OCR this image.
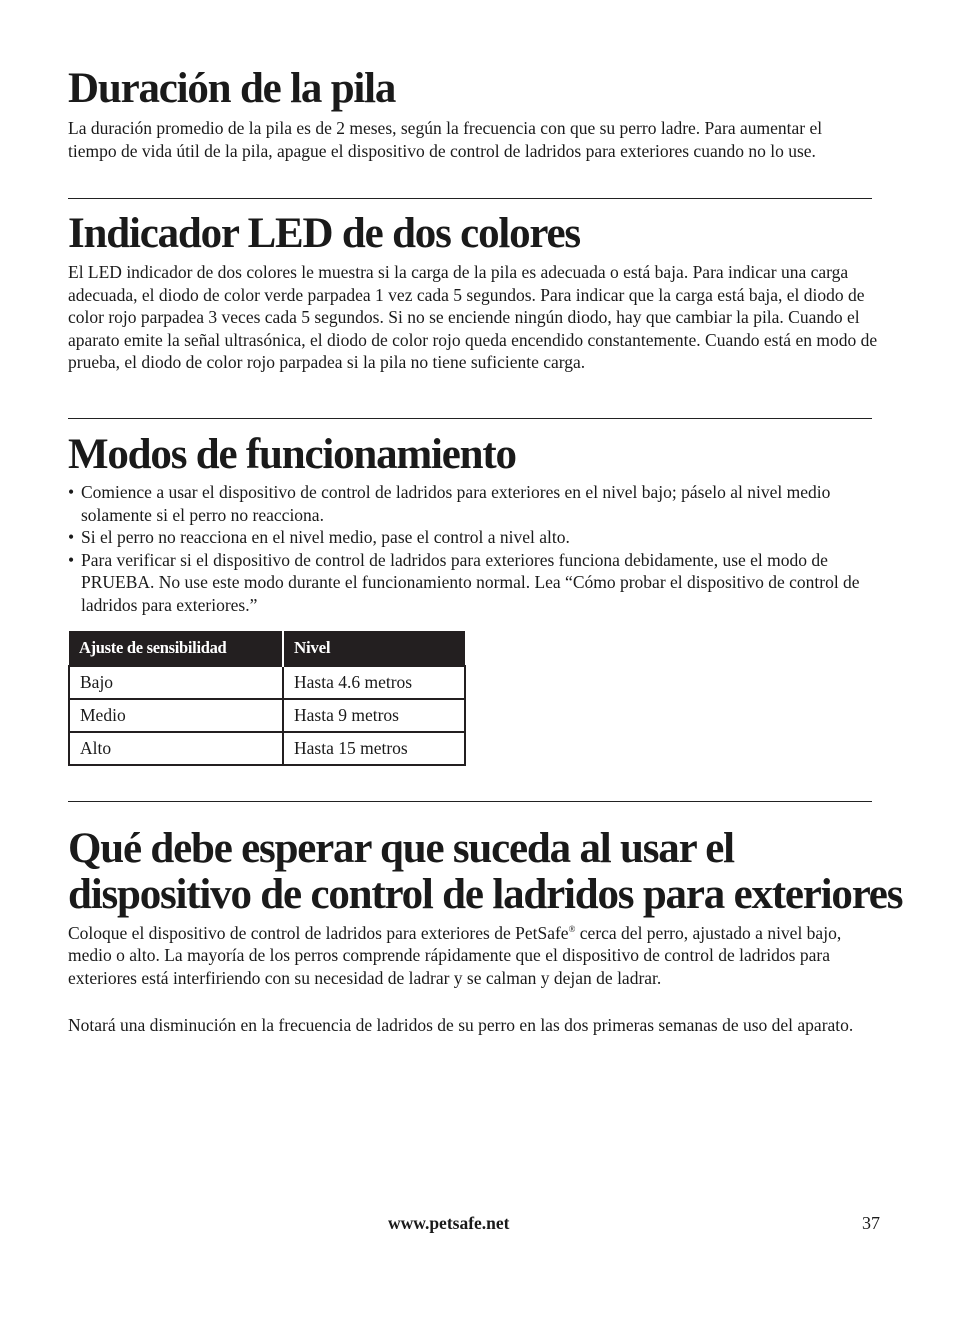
Duración de la pila

La duración promedio de la pila es de 2 meses, según la frecuencia con que su perro ladre. Para aumentar el tiempo de vida útil de la pila, apague el dispositivo de control de ladridos para exteriores cuando no lo use.

Indicador LED de dos colores

El LED indicador de dos colores le muestra si la carga de la pila es adecuada o está baja. Para indicar una carga adecuada, el diodo de color verde parpadea 1 vez cada 5 segundos. Para indicar que la carga está baja, el diodo de color rojo parpadea 3 veces cada 5 segundos. Si no se enciende ningún diodo, hay que cambiar la pila. Cuando el aparato emite la señal ultrasónica, el diodo de color rojo queda encendido constantemente. Cuando está en modo de prueba, el diodo de color rojo parpadea si la pila no tiene suficiente carga.

Modos de funcionamiento
• Comience a usar el dispositivo de control de ladridos para exteriores en el nivel bajo; páselo al nivel medio solamente si el perro no reacciona.
• Si el perro no reacciona en el nivel medio, pase el control a nivel alto.
• Para verificar si el dispositivo de control de ladridos para exteriores funciona debidamente, use el modo de PRUEBA. No use este modo durante el funcionamiento normal. Lea “Cómo probar el dispositivo de control de ladridos para exteriores.”
Ajuste de sensibilidad	Nivel
Bajo	Hasta 4.6 metros
Medio	Hasta 9 metros
Alto	Hasta 15 metros
Qué debe esperar que suceda al usar el
dispositivo de control de ladridos para exteriores

Coloque el dispositivo de control de ladridos para exteriores de PetSafe® cerca del perro, ajustado a nivel bajo, medio o alto. La mayoría de los perros comprende rápidamente que el dispositivo de control de ladridos para exteriores está interfiriendo con su necesidad de ladrar y se calman y dejan de ladrar.

Notará una disminución en la frecuencia de ladridos de su perro en las dos primeras semanas de uso del aparato.

www.petsafe.net	37
